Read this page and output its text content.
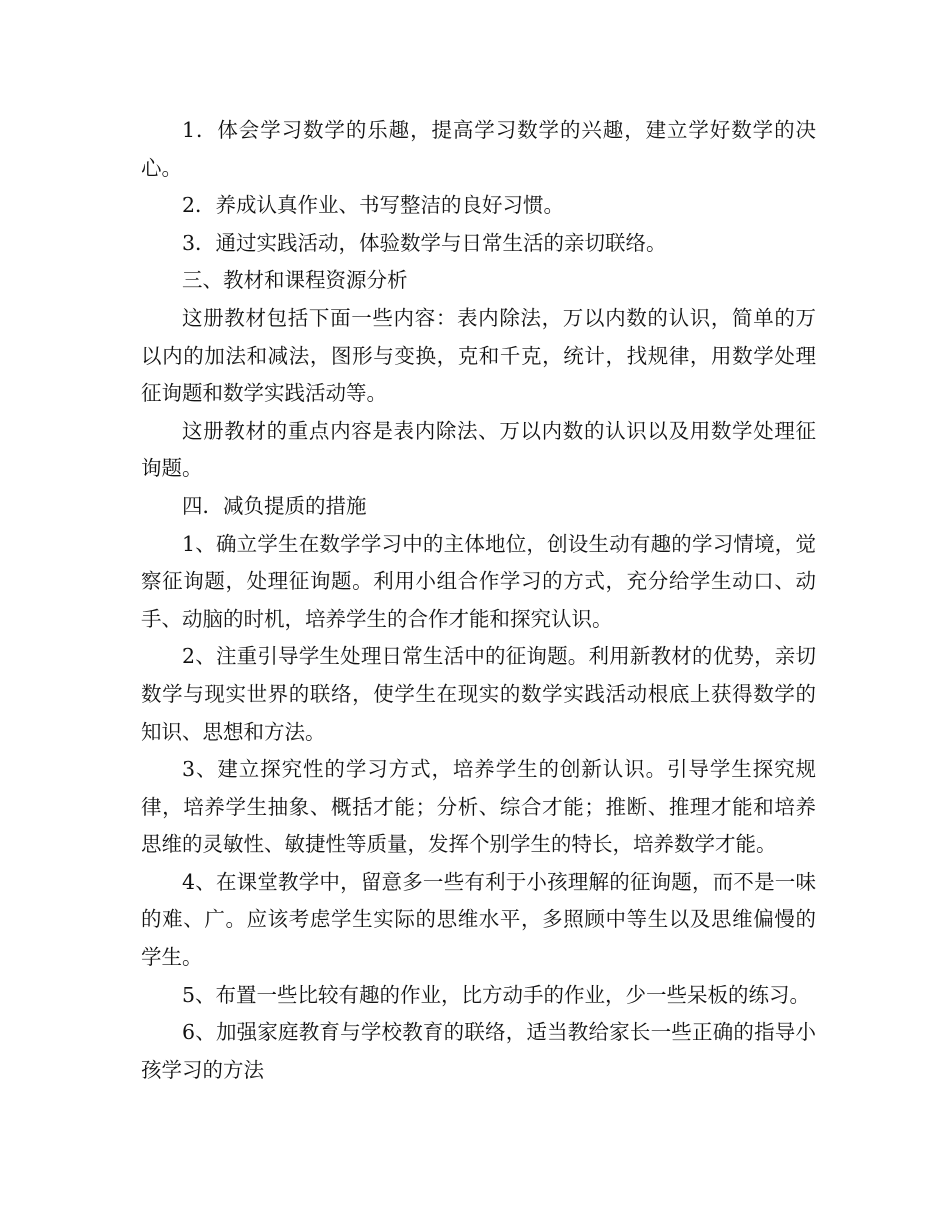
1．体会学习数学的乐趣，提高学习数学的兴趣，建立学好数学的决心。

2．养成认真作业、书写整洁的良好习惯。

3．通过实践活动，体验数学与日常生活的亲切联络。

三、教材和课程资源分析

这册教材包括下面一些内容：表内除法，万以内数的认识，简单的万以内的加法和减法，图形与变换，克和千克，统计，找规律，用数学处理征询题和数学实践活动等。

这册教材的重点内容是表内除法、万以内数的认识以及用数学处理征询题。

四．减负提质的措施

1、确立学生在数学学习中的主体地位，创设生动有趣的学习情境，觉察征询题，处理征询题。利用小组合作学习的方式，充分给学生动口、动手、动脑的时机，培养学生的合作才能和探究认识。

2、注重引导学生处理日常生活中的征询题。利用新教材的优势，亲切数学与现实世界的联络，使学生在现实的数学实践活动根底上获得数学的知识、思想和方法。

3、建立探究性的学习方式，培养学生的创新认识。引导学生探究规律，培养学生抽象、概括才能；分析、综合才能；推断、推理才能和培养思维的灵敏性、敏捷性等质量，发挥个别学生的特长，培养数学才能。

4、在课堂教学中，留意多一些有利于小孩理解的征询题，而不是一味的难、广。应该考虑学生实际的思维水平，多照顾中等生以及思维偏慢的学生。

5、布置一些比较有趣的作业，比方动手的作业，少一些呆板的练习。

6、加强家庭教育与学校教育的联络，适当教给家长一些正确的指导小孩学习的方法
